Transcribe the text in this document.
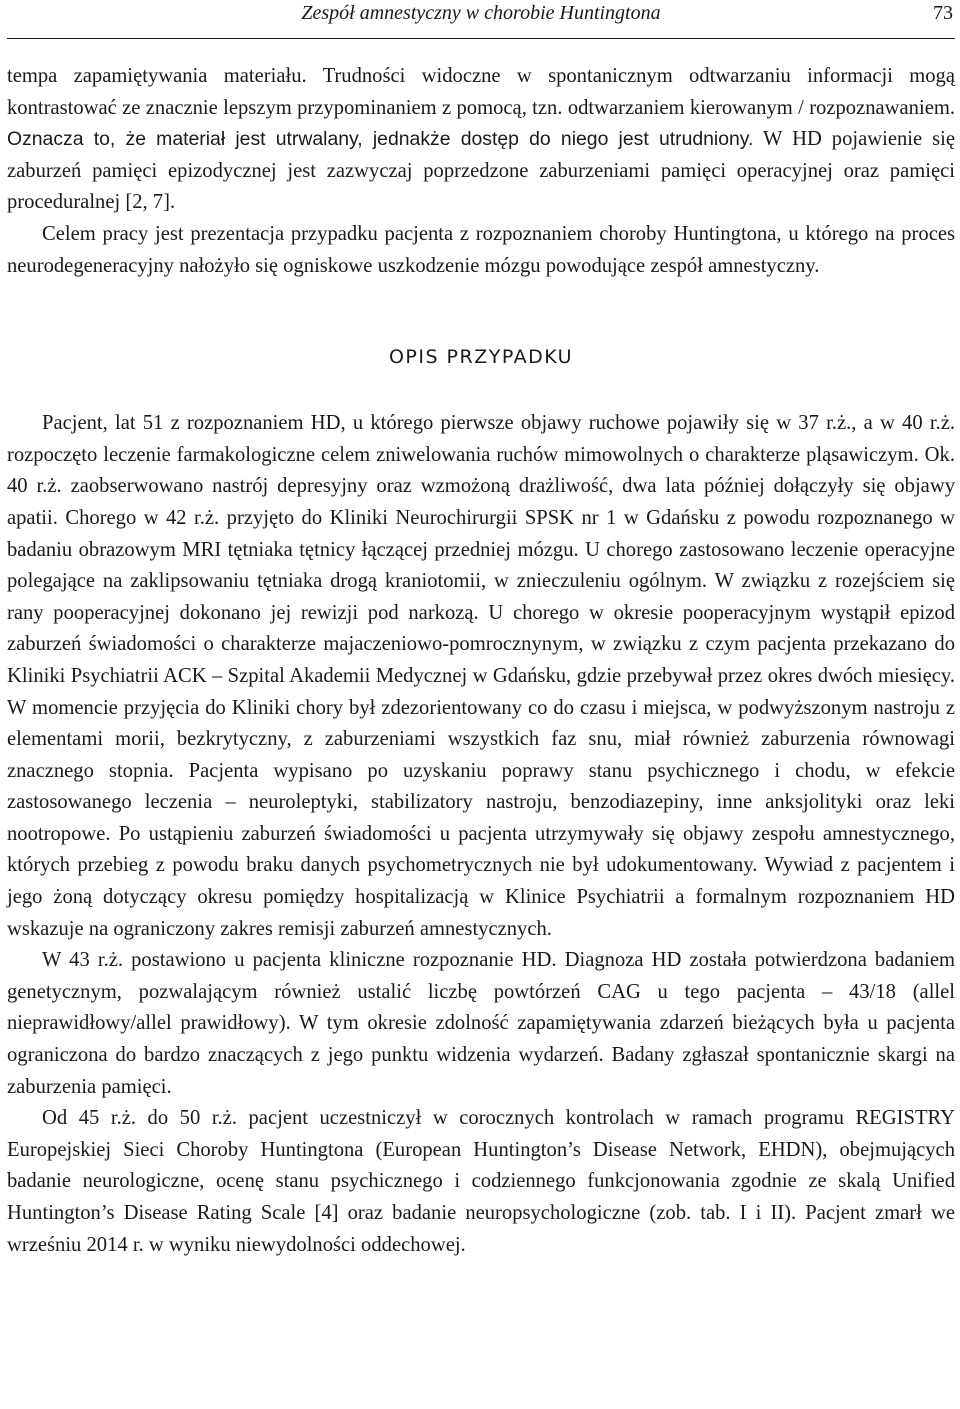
Zespół amnestyczny w chorobie Huntingtona	73

tempa zapamiętywania materiału. Trudności widoczne w spontanicznym odtwarzaniu informacji mogą kontrastować ze znacznie lepszym przypominaniem z pomocą, tzn. odtwarzaniem kierowanym / rozpoznawaniem. Oznacza to, że materiał jest utrwalany, jednakże dostęp do niego jest utrudniony. W HD pojawienie się zaburzeń pamięci epizodycznej jest zazwyczaj poprzedzone zaburzeniami pamięci operacyjnej oraz pamięci proceduralnej [2, 7].

Celem pracy jest prezentacja przypadku pacjenta z rozpoznaniem choroby Huntingtona, u którego na proces neurodegeneracyjny nałożyło się ogniskowe uszkodzenie mózgu powodujące zespół amnestyczny.

OPIS PRZYPADKU

Pacjent, lat 51 z rozpoznaniem HD, u którego pierwsze objawy ruchowe pojawiły się w 37 r.ż., a w 40 r.ż. rozpoczęto leczenie farmakologiczne celem zniwelowania ruchów mimowolnych o charakterze pląsawiczym. Ok. 40 r.ż. zaobserwowano nastrój depresyjny oraz wzmożoną drażliwość, dwa lata później dołączyły się objawy apatii. Chorego w 42 r.ż. przyjęto do Kliniki Neurochirurgii SPSK nr 1 w Gdańsku z powodu rozpoznanego w badaniu obrazowym MRI tętniaka tętnicy łączącej przedniej mózgu. U chorego zastosowano leczenie operacyjne polegające na zaklipsowaniu tętniaka drogą kraniotomii, w znieczuleniu ogólnym. W związku z rozejściem się rany pooperacyjnej dokonano jej rewizji pod narkozą. U chorego w okresie pooperacyjnym wystąpił epizod zaburzeń świadomości o charakterze majaczeniowo-pomrocznynym, w związku z czym pacjenta przekazano do Kliniki Psychiatrii ACK – Szpital Akademii Medycznej w Gdańsku, gdzie przebywał przez okres dwóch miesięcy. W momencie przyjęcia do Kliniki chory był zdezorientowany co do czasu i miejsca, w podwyższonym nastroju z elementami morii, bezkrytyczny, z zaburzeniami wszystkich faz snu, miał również zaburzenia równowagi znacznego stopnia. Pacjenta wypisano po uzyskaniu poprawy stanu psychicznego i chodu, w efekcie zastosowanego leczenia – neuroleptyki, stabilizatory nastroju, benzodiazepiny, inne anksjolityki oraz leki nootropowe. Po ustąpieniu zaburzeń świadomości u pacjenta utrzymywały się objawy zespołu amnestycznego, których przebieg z powodu braku danych psychometrycznych nie był udokumentowany. Wywiad z pacjentem i jego żoną dotyczący okresu pomiędzy hospitalizacją w Klinice Psychiatrii a formalnym rozpoznaniem HD wskazuje na ograniczony zakres remisji zaburzeń amnestycznych.

W 43 r.ż. postawiono u pacjenta kliniczne rozpoznanie HD. Diagnoza HD została potwierdzona badaniem genetycznym, pozwalającym również ustalić liczbę powtórzeń CAG u tego pacjenta – 43/18 (allel nieprawidłowy/allel prawidłowy). W tym okresie zdolność zapamiętywania zdarzeń bieżących była u pacjenta ograniczona do bardzo znaczących z jego punktu widzenia wydarzeń. Badany zgłaszał spontanicznie skargi na zaburzenia pamięci.

Od 45 r.ż. do 50 r.ż. pacjent uczestniczył w corocznych kontrolach w ramach programu REGISTRY Europejskiej Sieci Choroby Huntingtona (European Huntington’s Disease Network, EHDN), obejmujących badanie neurologiczne, ocenę stanu psychicznego i codziennego funkcjonowania zgodnie ze skalą Unified Huntington’s Disease Rating Scale [4] oraz badanie neuropsychologiczne (zob. tab. I i II). Pacjent zmarł we wrześniu 2014 r. w wyniku niewydolności oddechowej.
